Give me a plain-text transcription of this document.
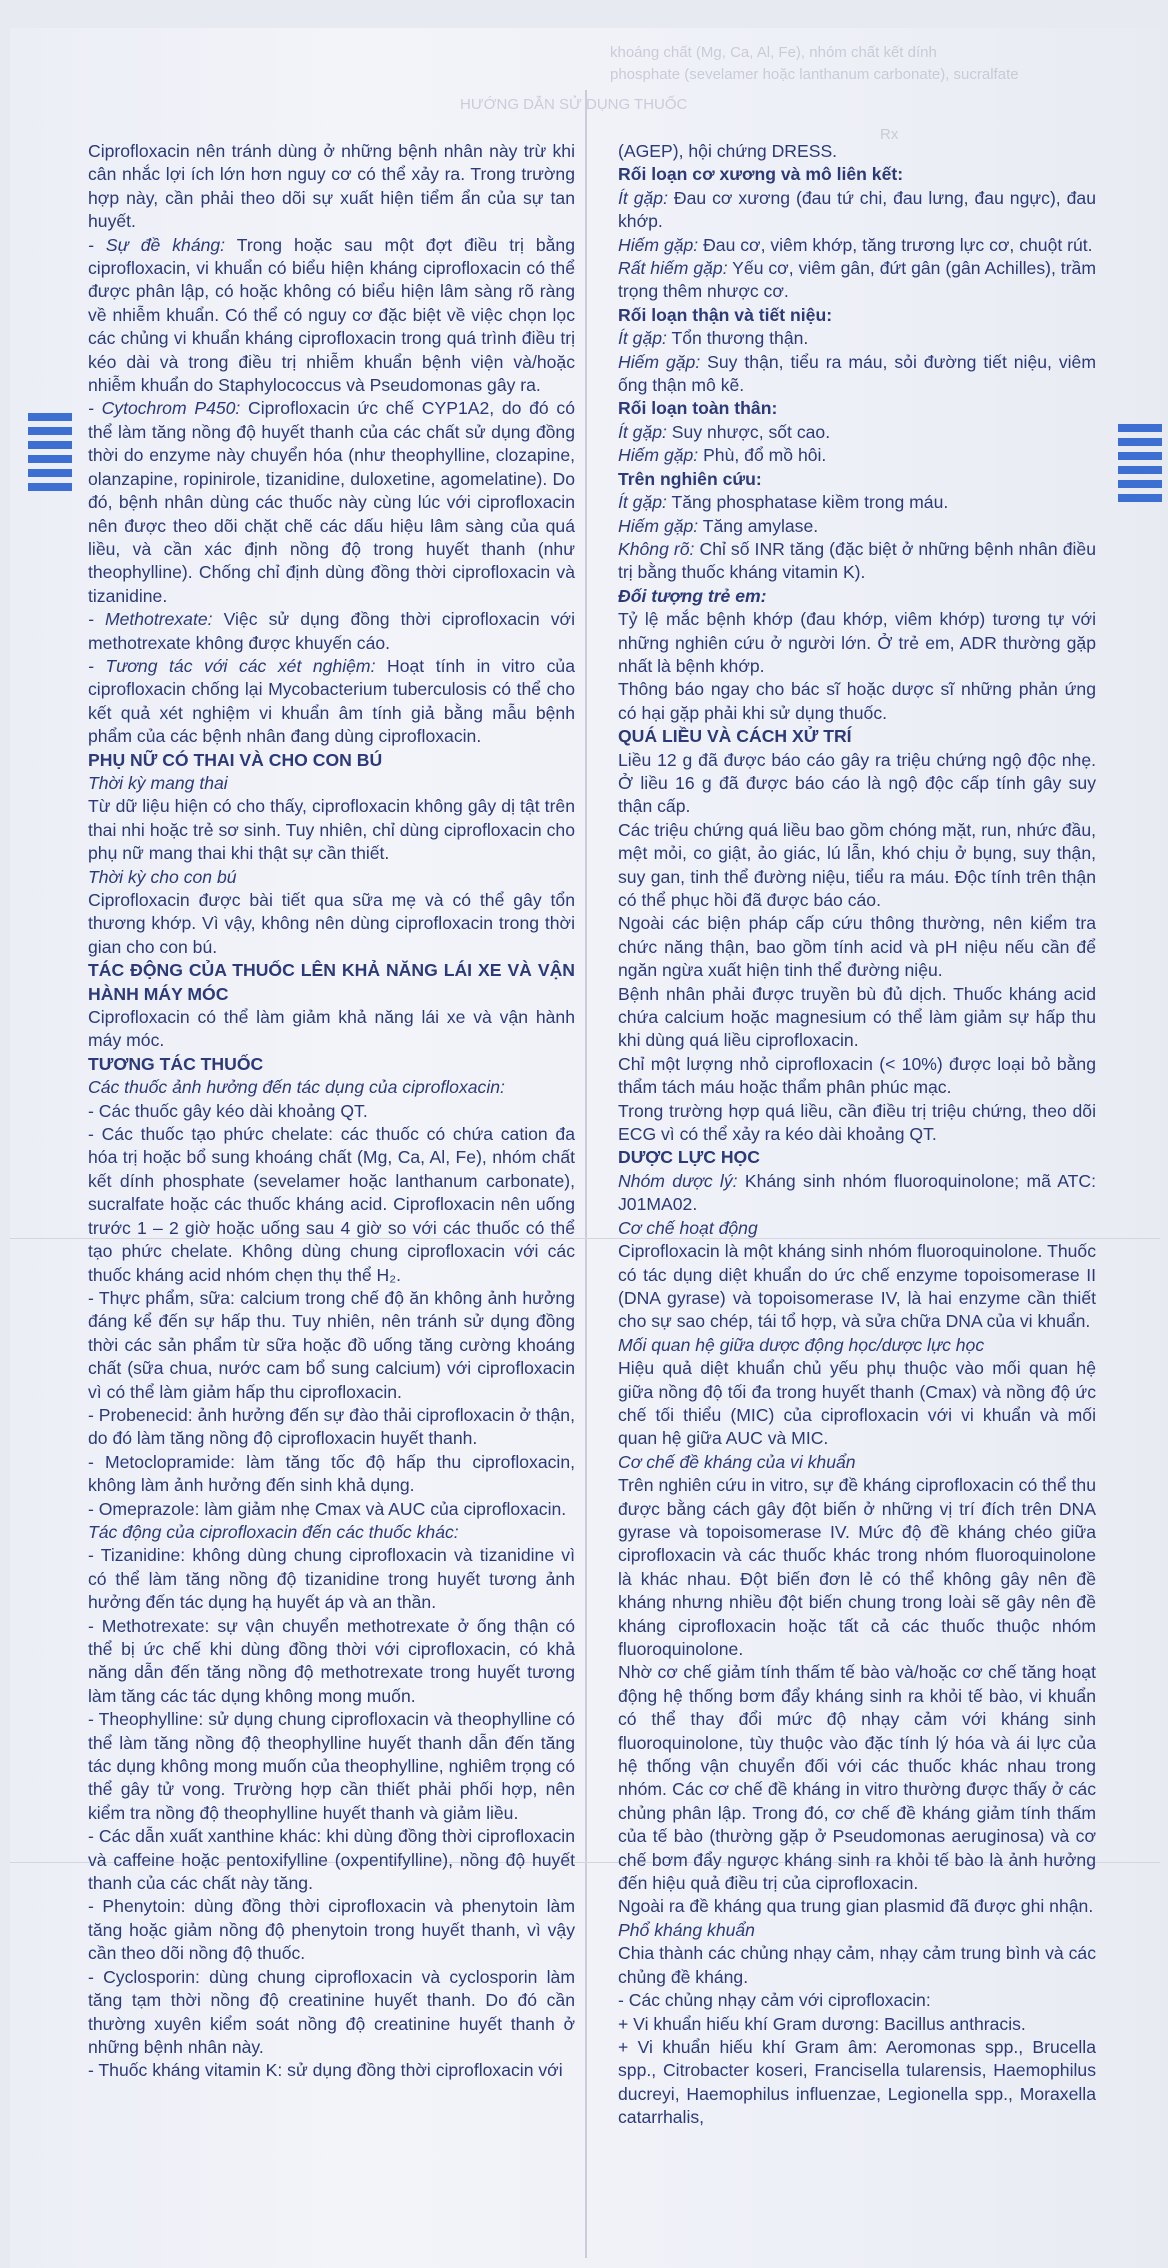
HƯỚNG DẪN SỬ DỤNG THUỐC
Rx
khoáng chất (Mg, Ca, Al, Fe), nhóm chất kết dính
phosphate (sevelamer hoặc lanthanum carbonate), sucralfate

Ciprofloxacin nên tránh dùng ở những bệnh nhân này trừ khi cân nhắc lợi ích lớn hơn nguy cơ có thể xảy ra. Trong trường hợp này, cần phải theo dõi sự xuất hiện tiểm ẩn của sự tan huyết.

- Sự đề kháng: Trong hoặc sau một đợt điều trị bằng ciprofloxacin, vi khuẩn có biểu hiện kháng ciprofloxacin có thể được phân lập, có hoặc không có biểu hiện lâm sàng rõ ràng về nhiễm khuẩn. Có thể có nguy cơ đặc biệt về việc chọn lọc các chủng vi khuẩn kháng ciprofloxacin trong quá trình điều trị kéo dài và trong điều trị nhiễm khuẩn bệnh viện và/hoặc nhiễm khuẩn do Staphylococcus và Pseudomonas gây ra.

- Cytochrom P450: Ciprofloxacin ức chế CYP1A2, do đó có thể làm tăng nồng độ huyết thanh của các chất sử dụng đồng thời do enzyme này chuyển hóa (như theophylline, clozapine, olanzapine, ropinirole, tizanidine, duloxetine, agomelatine). Do đó, bệnh nhân dùng các thuốc này cùng lúc với ciprofloxacin nên được theo dõi chặt chẽ các dấu hiệu lâm sàng của quá liều, và cần xác định nồng độ trong huyết thanh (như theophylline). Chống chỉ định dùng đồng thời ciprofloxacin và tizanidine.

- Methotrexate: Việc sử dụng đồng thời ciprofloxacin với methotrexate không được khuyến cáo.

- Tương tác với các xét nghiệm: Hoạt tính in vitro của ciprofloxacin chống lại Mycobacterium tuberculosis có thể cho kết quả xét nghiệm vi khuẩn âm tính giả bằng mẫu bệnh phẩm của các bệnh nhân đang dùng ciprofloxacin.

PHỤ NỮ CÓ THAI VÀ CHO CON BÚ

Thời kỳ mang thai

Từ dữ liệu hiện có cho thấy, ciprofloxacin không gây dị tật trên thai nhi hoặc trẻ sơ sinh. Tuy nhiên, chỉ dùng ciprofloxacin cho phụ nữ mang thai khi thật sự cần thiết.

Thời kỳ cho con bú

Ciprofloxacin được bài tiết qua sữa mẹ và có thể gây tổn thương khớp. Vì vậy, không nên dùng ciprofloxacin trong thời gian cho con bú.

TÁC ĐỘNG CỦA THUỐC LÊN KHẢ NĂNG LÁI XE VÀ VẬN HÀNH MÁY MÓC

Ciprofloxacin có thể làm giảm khả năng lái xe và vận hành máy móc.

TƯƠNG TÁC THUỐC

Các thuốc ảnh hưởng đến tác dụng của ciprofloxacin:

- Các thuốc gây kéo dài khoảng QT.

- Các thuốc tạo phức chelate: các thuốc có chứa cation đa hóa trị hoặc bổ sung khoáng chất (Mg, Ca, Al, Fe), nhóm chất kết dính phosphate (sevelamer hoặc lanthanum carbonate), sucralfate hoặc các thuốc kháng acid. Ciprofloxacin nên uống trước 1 – 2 giờ hoặc uống sau 4 giờ so với các thuốc có thể tạo phức chelate. Không dùng chung ciprofloxacin với các thuốc kháng acid nhóm chẹn thụ thể H₂.

- Thực phẩm, sữa: calcium trong chế độ ăn không ảnh hưởng đáng kể đến sự hấp thu. Tuy nhiên, nên tránh sử dụng đồng thời các sản phẩm từ sữa hoặc đồ uống tăng cường khoáng chất (sữa chua, nước cam bổ sung calcium) với ciprofloxacin vì có thể làm giảm hấp thu ciprofloxacin.

- Probenecid: ảnh hưởng đến sự đào thải ciprofloxacin ở thận, do đó làm tăng nồng độ ciprofloxacin huyết thanh.

- Metoclopramide: làm tăng tốc độ hấp thu ciprofloxacin, không làm ảnh hưởng đến sinh khả dụng.

- Omeprazole: làm giảm nhẹ Cmax và AUC của ciprofloxacin.

Tác động của ciprofloxacin đến các thuốc khác:

- Tizanidine: không dùng chung ciprofloxacin và tizanidine vì có thể làm tăng nồng độ tizanidine trong huyết tương ảnh hưởng đến tác dụng hạ huyết áp và an thần.

- Methotrexate: sự vận chuyển methotrexate ở ống thận có thể bị ức chế khi dùng đồng thời với ciprofloxacin, có khả năng dẫn đến tăng nồng độ methotrexate trong huyết tương làm tăng các tác dụng không mong muốn.

- Theophylline: sử dụng chung ciprofloxacin và theophylline có thể làm tăng nồng độ theophylline huyết thanh dẫn đến tăng tác dụng không mong muốn của theophylline, nghiêm trọng có thể gây tử vong. Trường hợp cần thiết phải phối hợp, nên kiểm tra nồng độ theophylline huyết thanh và giảm liều.

- Các dẫn xuất xanthine khác: khi dùng đồng thời ciprofloxacin và caffeine hoặc pentoxifylline (oxpentifylline), nồng độ huyết thanh của các chất này tăng.

- Phenytoin: dùng đồng thời ciprofloxacin và phenytoin làm tăng hoặc giảm nồng độ phenytoin trong huyết thanh, vì vậy cần theo dõi nồng độ thuốc.

- Cyclosporin: dùng chung ciprofloxacin và cyclosporin làm tăng tạm thời nồng độ creatinine huyết thanh. Do đó cần thường xuyên kiểm soát nồng độ creatinine huyết thanh ở những bệnh nhân này.

- Thuốc kháng vitamin K: sử dụng đồng thời ciprofloxacin với

(AGEP), hội chứng DRESS.

Rối loạn cơ xương và mô liên kết:

Ít gặp: Đau cơ xương (đau tứ chi, đau lưng, đau ngực), đau khớp.

Hiếm gặp: Đau cơ, viêm khớp, tăng trương lực cơ, chuột rút.

Rất hiếm gặp: Yếu cơ, viêm gân, đứt gân (gân Achilles), trầm trọng thêm nhược cơ.

Rối loạn thận và tiết niệu:

Ít gặp: Tổn thương thận.

Hiếm gặp: Suy thận, tiểu ra máu, sỏi đường tiết niệu, viêm ống thận mô kẽ.

Rối loạn toàn thân:

Ít gặp: Suy nhược, sốt cao.

Hiếm gặp: Phù, đổ mồ hôi.

Trên nghiên cứu:

Ít gặp: Tăng phosphatase kiềm trong máu.

Hiếm gặp: Tăng amylase.

Không rõ: Chỉ số INR tăng (đặc biệt ở những bệnh nhân điều trị bằng thuốc kháng vitamin K).

Đối tượng trẻ em:

Tỷ lệ mắc bệnh khớp (đau khớp, viêm khớp) tương tự với những nghiên cứu ở người lớn. Ở trẻ em, ADR thường gặp nhất là bệnh khớp.

Thông báo ngay cho bác sĩ hoặc dược sĩ những phản ứng có hại gặp phải khi sử dụng thuốc.

QUÁ LIỀU VÀ CÁCH XỬ TRÍ

Liều 12 g đã được báo cáo gây ra triệu chứng ngộ độc nhẹ. Ở liều 16 g đã được báo cáo là ngộ độc cấp tính gây suy thận cấp.

Các triệu chứng quá liều bao gồm chóng mặt, run, nhức đầu, mệt mỏi, co giật, ảo giác, lú lẫn, khó chịu ở bụng, suy thận, suy gan, tinh thể đường niệu, tiểu ra máu. Độc tính trên thận có thể phục hồi đã được báo cáo.

Ngoài các biện pháp cấp cứu thông thường, nên kiểm tra chức năng thận, bao gồm tính acid và pH niệu nếu cần để ngăn ngừa xuất hiện tinh thể đường niệu.

Bệnh nhân phải được truyền bù đủ dịch. Thuốc kháng acid chứa calcium hoặc magnesium có thể làm giảm sự hấp thu khi dùng quá liều ciprofloxacin.

Chỉ một lượng nhỏ ciprofloxacin (< 10%) được loại bỏ bằng thẩm tách máu hoặc thẩm phân phúc mạc.

Trong trường hợp quá liều, cần điều trị triệu chứng, theo dõi ECG vì có thể xảy ra kéo dài khoảng QT.

DƯỢC LỰC HỌC

Nhóm dược lý: Kháng sinh nhóm fluoroquinolone; mã ATC: J01MA02.

Cơ chế hoạt động

Ciprofloxacin là một kháng sinh nhóm fluoroquinolone. Thuốc có tác dụng diệt khuẩn do ức chế enzyme topoisomerase II (DNA gyrase) và topoisomerase IV, là hai enzyme cần thiết cho sự sao chép, tái tổ hợp, và sửa chữa DNA của vi khuẩn.

Mối quan hệ giữa dược động học/dược lực học

Hiệu quả diệt khuẩn chủ yếu phụ thuộc vào mối quan hệ giữa nồng độ tối đa trong huyết thanh (Cmax) và nồng độ ức chế tối thiểu (MIC) của ciprofloxacin với vi khuẩn và mối quan hệ giữa AUC và MIC.

Cơ chế đề kháng của vi khuẩn

Trên nghiên cứu in vitro, sự đề kháng ciprofloxacin có thể thu được bằng cách gây đột biến ở những vị trí đích trên DNA gyrase và topoisomerase IV. Mức độ đề kháng chéo giữa ciprofloxacin và các thuốc khác trong nhóm fluoroquinolone là khác nhau. Đột biến đơn lẻ có thể không gây nên đề kháng nhưng nhiều đột biến chung trong loài sẽ gây nên đề kháng ciprofloxacin hoặc tất cả các thuốc thuộc nhóm fluoroquinolone.

Nhờ cơ chế giảm tính thấm tế bào và/hoặc cơ chế tăng hoạt động hệ thống bơm đẩy kháng sinh ra khỏi tế bào, vi khuẩn có thể thay đổi mức độ nhạy cảm với kháng sinh fluoroquinolone, tùy thuộc vào đặc tính lý hóa và ái lực của hệ thống vận chuyển đối với các thuốc khác nhau trong nhóm. Các cơ chế đề kháng in vitro thường được thấy ở các chủng phân lập. Trong đó, cơ chế đề kháng giảm tính thấm của tế bào (thường gặp ở Pseudomonas aeruginosa) và cơ chế bơm đẩy ngược kháng sinh ra khỏi tế bào là ảnh hưởng đến hiệu quả điều trị của ciprofloxacin.

Ngoài ra đề kháng qua trung gian plasmid đã được ghi nhận.

Phổ kháng khuẩn

Chia thành các chủng nhạy cảm, nhạy cảm trung bình và các chủng đề kháng.

- Các chủng nhạy cảm với ciprofloxacin:

+ Vi khuẩn hiếu khí Gram dương: Bacillus anthracis.

+ Vi khuẩn hiếu khí Gram âm: Aeromonas spp., Brucella spp., Citrobacter koseri, Francisella tularensis, Haemophilus ducreyi, Haemophilus influenzae, Legionella spp., Moraxella catarrhalis,
